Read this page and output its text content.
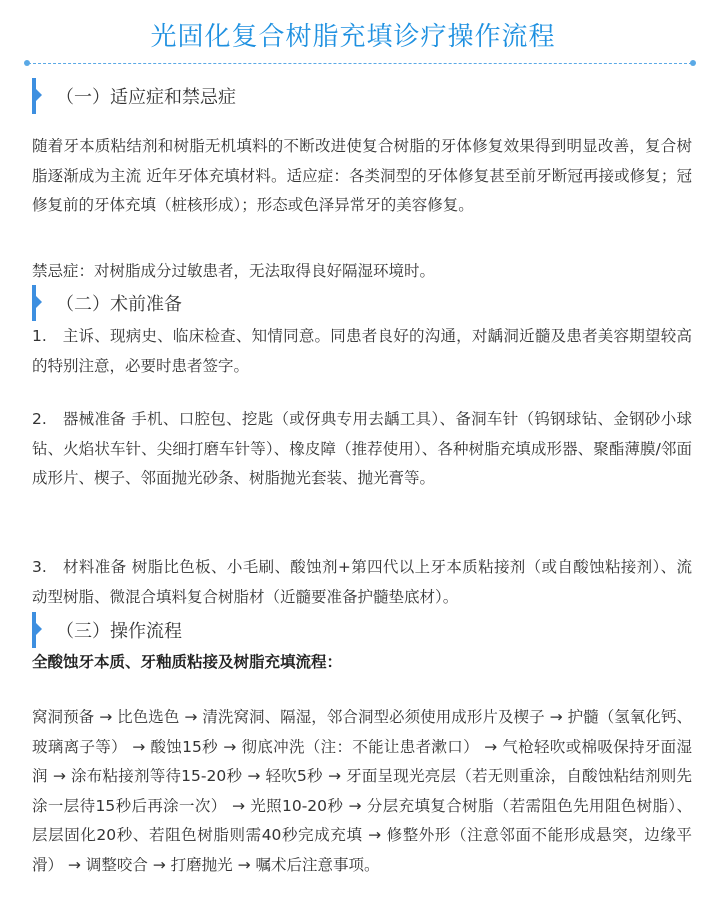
光固化复合树脂充填诊疗操作流程
（一）适应症和禁忌症
随着牙本质粘结剂和树脂无机填料的不断改进使复合树脂的牙体修复效果得到明显改善，复合树脂逐渐成为主流 近年牙体充填材料。适应症：各类洞型的牙体修复甚至前牙断冠再接或修复；冠修复前的牙体充填（桩核形成）；形态或色泽异常牙的美容修复。
禁忌症：对树脂成分过敏患者，无法取得良好隔湿环境时。
（二）术前准备
1.　主诉、现病史、临床检查、知情同意。同患者良好的沟通，对龋洞近髓及患者美容期望较高的特别注意，必要时患者签字。
2.　器械准备 手机、口腔包、挖匙（或伢典专用去龋工具）、备洞车针（钨钢球钻、金钢砂小球钻、火焰状车针、尖细打磨车针等）、橡皮障（推荐使用）、各种树脂充填成形器、聚酯薄膜/邻面成形片、楔子、邻面抛光砂条、树脂抛光套装、抛光膏等。
3.　材料准备 树脂比色板、小毛刷、酸蚀剂+第四代以上牙本质粘接剂（或自酸蚀粘接剂）、流动型树脂、微混合填料复合树脂材（近髓要准备护髓垫底材）。
（三）操作流程
全酸蚀牙本质、牙釉质粘接及树脂充填流程：
窝洞预备 → 比色选色 → 清洗窝洞、隔湿，邻合洞型必须使用成形片及楔子 → 护髓（氢氧化钙、玻璃离子等） → 酸蚀15秒 → 彻底冲洗（注：不能让患者漱口） → 气枪轻吹或棉吸保持牙面湿润 → 涂布粘接剂等待15-20秒 → 轻吹5秒 → 牙面呈现光亮层（若无则重涂，自酸蚀粘结剂则先涂一层待15秒后再涂一次） → 光照10-20秒 → 分层充填复合树脂（若需阻色先用阻色树脂）、层层固化20秒、若阻色树脂则需40秒完成充填 → 修整外形（注意邻面不能形成悬突，边缘平滑） → 调整咬合 → 打磨抛光 → 嘱术后注意事项。
